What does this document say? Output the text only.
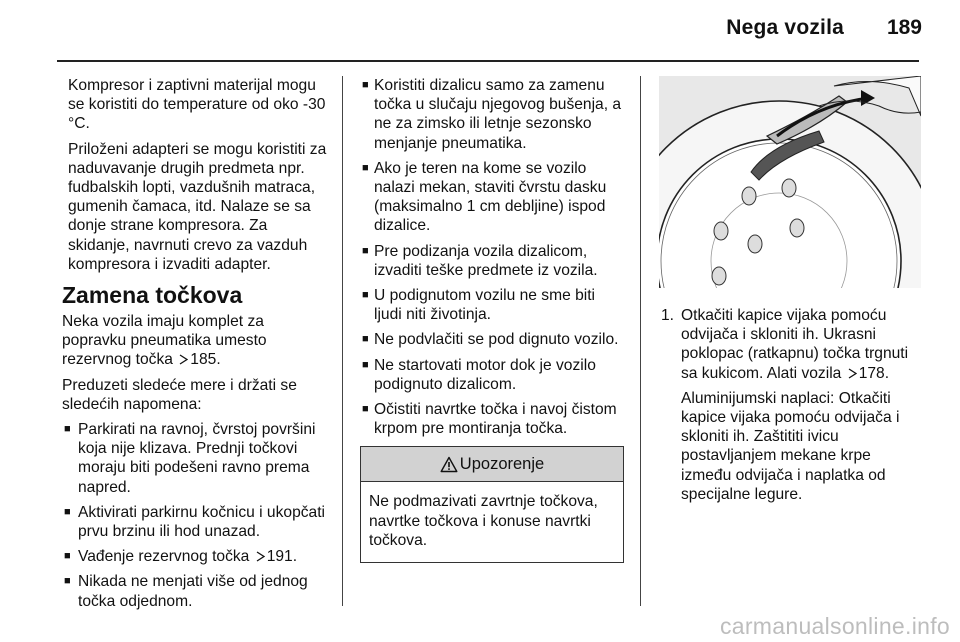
Nega vozila	189

Kompresor i zaptivni materijal mogu se koristiti do temperature od oko -30 °C.

Priloženi adapteri se mogu koristiti za naduvavanje drugih predmeta npr. fudbalskih lopti, vazdušnih matraca, gumenih čamaca, itd. Nalaze se sa donje strane kompresora. Za skidanje, navrnuti crevo za vazduh kompresora i izvaditi adapter.

Zamena točkova

Neka vozila imaju komplet za popravku pneumatika umesto rezervnog točka 185.

Preduzeti sledeće mere i držati se sledećih napomena:

■ Parkirati na ravnoj, čvrstoj površini koja nije klizava. Prednji točkovi moraju biti podešeni ravno prema napred.
■ Aktivirati parkirnu kočnicu i ukopčati prvu brzinu ili hod unazad.
■ Vađenje rezervnog točka 191.
■ Nikada ne menjati više od jednog točka odjednom.
■ Koristiti dizalicu samo za zamenu točka u slučaju njegovog bušenja, a ne za zimsko ili letnje sezonsko menjanje pneumatika.
■ Ako je teren na kome se vozilo nalazi mekan, staviti čvrstu dasku (maksimalno 1 cm debljine) ispod dizalice.
■ Pre podizanja vozila dizalicom, izvaditi teške predmete iz vozila.
■ U podignutom vozilu ne sme biti ljudi niti životinja.
■ Ne podvlačiti se pod dignuto vozilo.
■ Ne startovati motor dok je vozilo podignuto dizalicom.
■ Očistiti navrtke točka i navoj čistom krpom pre montiranja točka.
Upozorenje
Ne podmazivati zavrtnje točkova, navrtke točkova i konuse navrtki točkova.
1. Otkačiti kapice vijaka pomoću odvijača i skloniti ih. Ukrasni poklopac (ratkapnu) točka trgnuti sa kukicom. Alati vozila 178.

Aluminijumski naplaci: Otkačiti kapice vijaka pomoću odvijača i skloniti ih. Zaštititi ivicu postavljanjem mekane krpe između odvijača i naplatka od specijalne legure.

carmanualsonline.info
